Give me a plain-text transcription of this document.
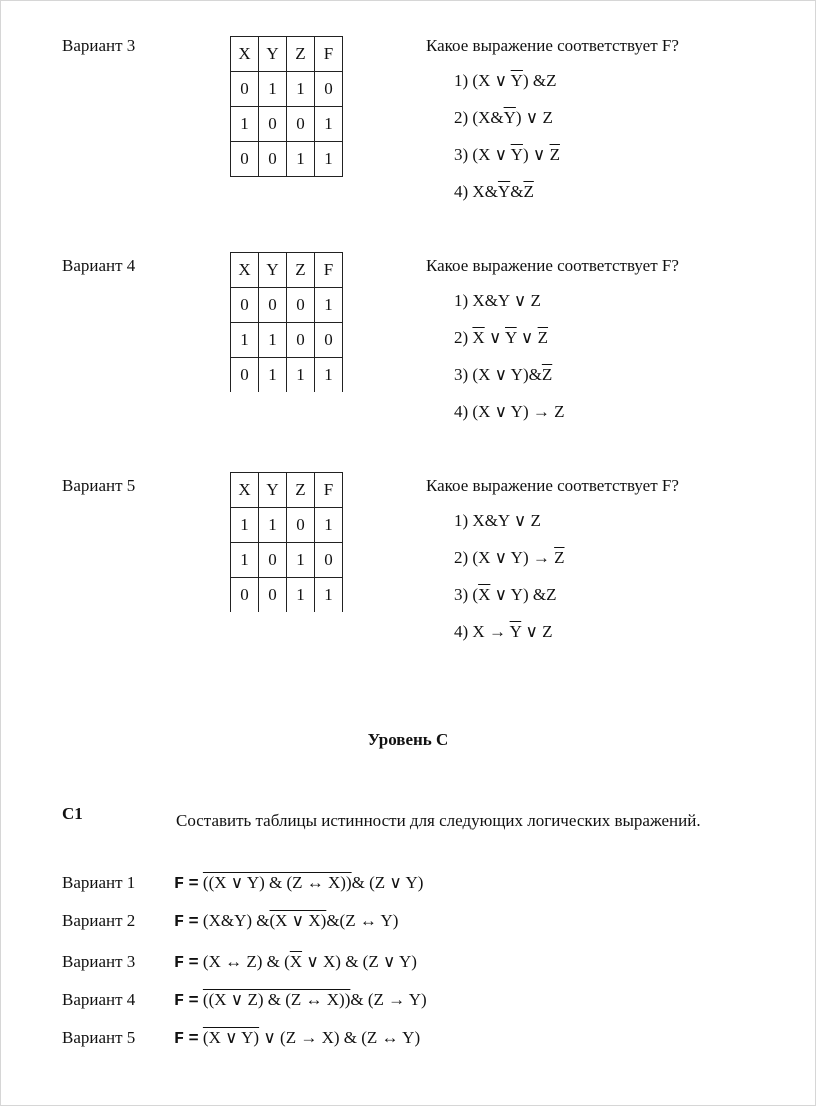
Вариант 3	X	Y	Z	F
0	1	1	0
1	0	0	1
0	0	1	1
Какое выражение соответствует F?
1) (X ∨ $\overline{Y}$) &Z
2) $(X\&\overline{Y})$ ∨ Z
3) (X ∨ $\overline{Y}$) ∨ $\overline{Z}$
4) $X\&\overline{Y}\&\overline{Z}$
Вариант 4	X	Y	Z	F
0	0	0	1
1	1	0	0
0	1	1	1
Какое выражение соответствует F?
1) X&Y ∨ Z
2) $\overline{X}$ ∨ $\overline{Y}$ ∨ $\overline{Z}$
3) (X ∨ $Y)\&\overline{Z}$
4) (X ∨ Y) → Z
Вариант 5	X	Y	Z	F
1	1	0	1
1	0	1	0
0	0	1	1
Какое выражение соответствует F?
1) X&Y ∨ Z
2) (X ∨ $Y) \to \overline{Z}$
3) ($\overline{X}$ ∨ Y) &Z
4) $X \to \overline{Y}$ ∨ Z
Уровень С
С1	Составить таблицы истинности для следующих логических выражений.
Вариант 1 F = ((X ∨ Y) & (Z ↔ X))& (Z ∨ Y)
Вариант 2 F = (X&Y) &(X ∨ X)&(Z ↔ Y)
Вариант 3 F = (X ↔ Z) & ($\overline{X}$ ∨ X) & (Z ∨ Y)
Вариант 4 F = ((X ∨ Z) & (Z ↔ X))& (Z → Y)
Вариант 5 F = (X ∨ Y) ∨ (Z → X) & (Z ↔ Y)
